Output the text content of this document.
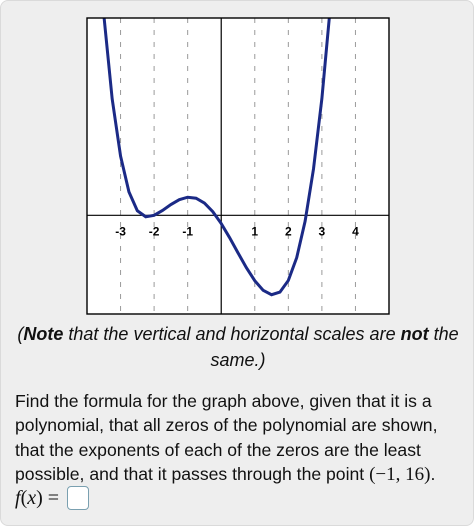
-3 -2 -1	1 2 3 4
(Note that the vertical and horizontal scales are not the
same.)
Find the formula for the graph above, given that it is a
polynomial, that all zeros of the polynomial are shown,
that the exponents of each of the zeros are the least
possible, and that it passes through the point (−1, 16).
f(x) =
